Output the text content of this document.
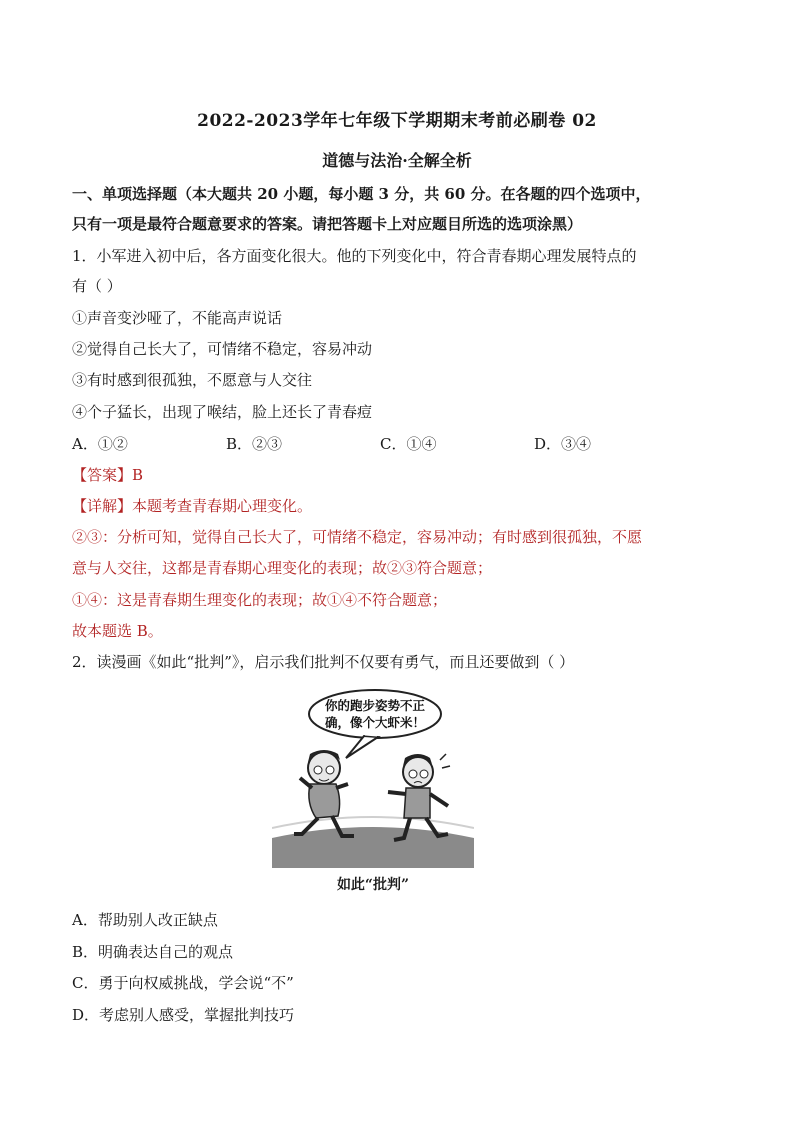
2022-2023学年七年级下学期期末考前必刷卷 02
道德与法治·全解全析
一、单项选择题（本大题共 20 小题，每小题 3 分，共 60 分。在各题的四个选项中，
只有一项是最符合题意要求的答案。请把答题卡上对应题目所选的选项涂黑）
1．小军进入初中后，各方面变化很大。他的下列变化中，符合青春期心理发展特点的
有（ ）
①声音变沙哑了，不能高声说话
②觉得自己长大了，可情绪不稳定，容易冲动
③有时感到很孤独，不愿意与人交往
④个子猛长，出现了喉结，脸上还长了青春痘
A．①②	B．②③	C．①④	D．③④
【答案】B
【详解】本题考查青春期心理变化。
②③：分析可知，觉得自己长大了，可情绪不稳定，容易冲动；有时感到很孤独，不愿
意与人交往，这都是青春期心理变化的表现；故②③符合题意；
①④：这是青春期生理变化的表现；故①④不符合题意；
故本题选 B。
2．读漫画《如此“批判”》，启示我们批判不仅要有勇气，而且还要做到（ ）
你的跑步姿势不正
确，像个大虾米！
如此“批判”
A．帮助别人改正缺点
B．明确表达自己的观点
C．勇于向权威挑战，学会说“不”
D．考虑别人感受，掌握批判技巧
